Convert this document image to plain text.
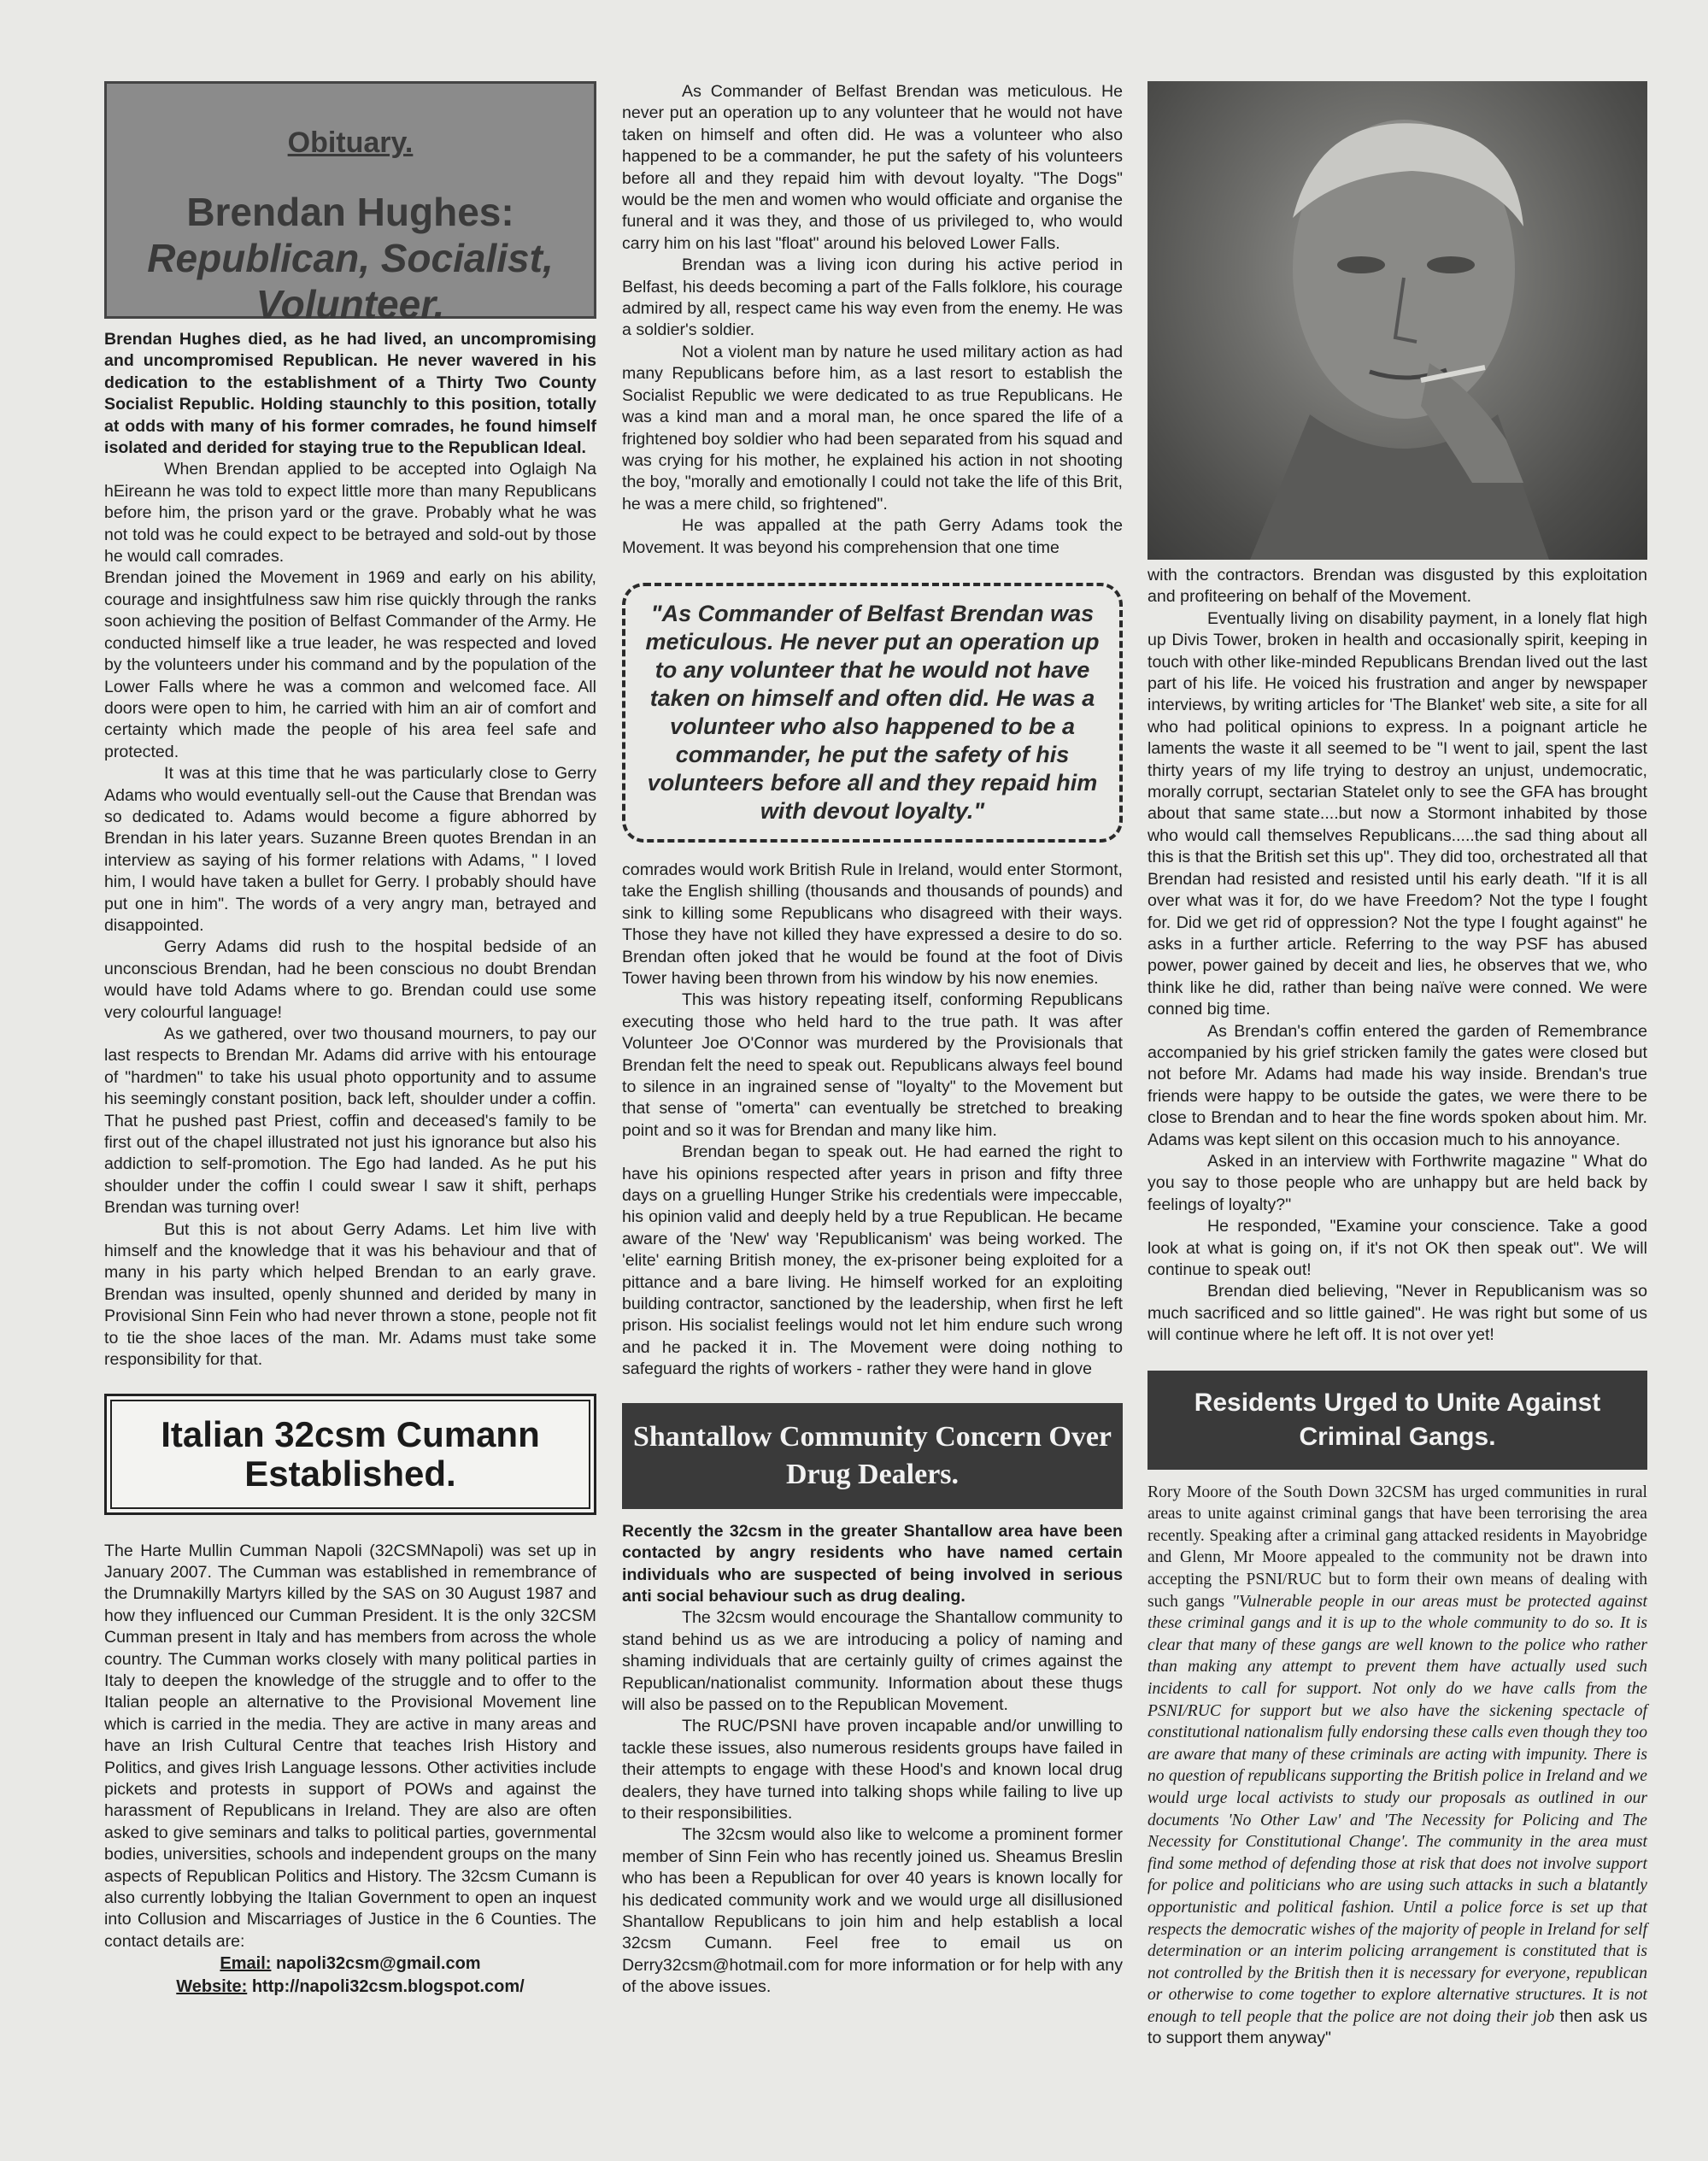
Obituary.
Brendan Hughes:
Republican, Socialist, Volunteer.

Brendan Hughes died, as he had lived, an uncompromising and uncompromised Republican. He never wavered in his dedication to the establishment of a Thirty Two County Socialist Republic. Holding staunchly to this position, totally at odds with many of his former comrades, he found himself isolated and derided for staying true to the Republican Ideal.

When Brendan applied to be accepted into Oglaigh Na hEireann he was told to expect little more than many Republicans before him, the prison yard or the grave. Probably what he was not told was he could expect to be betrayed and sold-out by those he would call comrades.

Brendan joined the Movement in 1969 and early on his ability, courage and insightfulness saw him rise quickly through the ranks soon achieving the position of Belfast Commander of the Army. He conducted himself like a true leader, he was respected and loved by the volunteers under his command and by the population of the Lower Falls where he was a common and welcomed face. All doors were open to him, he carried with him an air of comfort and certainty which made the people of his area feel safe and protected.

It was at this time that he was particularly close to Gerry Adams who would eventually sell-out the Cause that Brendan was so dedicated to. Adams would become a figure abhorred by Brendan in his later years. Suzanne Breen quotes Brendan in an interview as saying of his former relations with Adams, " I loved him, I would have taken a bullet for Gerry. I probably should have put one in him". The words of a very angry man, betrayed and disappointed.

Gerry Adams did rush to the hospital bedside of an unconscious Brendan, had he been conscious no doubt Brendan would have told Adams where to go. Brendan could use some very colourful language!

As we gathered, over two thousand mourners, to pay our last respects to Brendan Mr. Adams did arrive with his entourage of "hardmen" to take his usual photo opportunity and to assume his seemingly constant position, back left, shoulder under a coffin. That he pushed past Priest, coffin and deceased's family to be first out of the chapel illustrated not just his ignorance but also his addiction to self-promotion. The Ego had landed. As he put his shoulder under the coffin I could swear I saw it shift, perhaps Brendan was turning over!

But this is not about Gerry Adams. Let him live with himself and the knowledge that it was his behaviour and that of many in his party which helped Brendan to an early grave. Brendan was insulted, openly shunned and derided by many in Provisional Sinn Fein who had never thrown a stone, people not fit to tie the shoe laces of the man. Mr. Adams must take some responsibility for that.

Italian 32csm Cumann Established.

The Harte Mullin Cumman Napoli (32CSMNapoli) was set up in January 2007. The Cumman was established in remembrance of the Drumnakilly Martyrs killed by the SAS on 30 August 1987 and how they influenced our Cumman President. It is the only 32CSM Cumman present in Italy and has members from across the whole country. The Cumman works closely with many political parties in Italy to deepen the knowledge of the struggle and to offer to the Italian people an alternative to the Provisional Movement line which is carried in the media. They are active in many areas and have an Irish Cultural Centre that teaches Irish History and Politics, and gives Irish Language lessons. Other activities include pickets and protests in support of POWs and against the harassment of Republicans in Ireland. They are also are often asked to give seminars and talks to political parties, governmental bodies, universities, schools and independent groups on the many aspects of Republican Politics and History. The 32csm Cumann is also currently lobbying the Italian Government to open an inquest into Collusion and Miscarriages of Justice in the 6 Counties. The contact details are:

Email: napoli32csm@gmail.com
Website: http://napoli32csm.blogspot.com/

As Commander of Belfast Brendan was meticulous. He never put an operation up to any volunteer that he would not have taken on himself and often did. He was a volunteer who also happened to be a commander, he put the safety of his volunteers before all and they repaid him with devout loyalty. "The Dogs" would be the men and women who would officiate and organise the funeral and it was they, and those of us privileged to, who would carry him on his last "float" around his beloved Lower Falls.

Brendan was a living icon during his active period in Belfast, his deeds becoming a part of the Falls folklore, his courage admired by all, respect came his way even from the enemy. He was a soldier's soldier.

Not a violent man by nature he used military action as had many Republicans before him, as a last resort to establish the Socialist Republic we were dedicated to as true Republicans. He was a kind man and a moral man, he once spared the life of a frightened boy soldier who had been separated from his squad and was crying for his mother, he explained his action in not shooting the boy, "morally and emotionally I could not take the life of this Brit, he was a mere child, so frightened".

He was appalled at the path Gerry Adams took the Movement. It was beyond his comprehension that one time

"As Commander of Belfast Brendan was meticulous. He never put an operation up to any volunteer that he would not have taken on himself and often did. He was a volunteer who also happened to be a commander, he put the safety of his volunteers before all and they repaid him with devout loyalty."

comrades would work British Rule in Ireland, would enter Stormont, take the English shilling (thousands and thousands of pounds) and sink to killing some Republicans who disagreed with their ways. Those they have not killed they have expressed a desire to do so. Brendan often joked that he would be found at the foot of Divis Tower having been thrown from his window by his now enemies.

This was history repeating itself, conforming Republicans executing those who held hard to the true path. It was after Volunteer Joe O'Connor was murdered by the Provisionals that Brendan felt the need to speak out. Republicans always feel bound to silence in an ingrained sense of "loyalty" to the Movement but that sense of "omerta" can eventually be stretched to breaking point and so it was for Brendan and many like him.

Brendan began to speak out. He had earned the right to have his opinions respected after years in prison and fifty three days on a gruelling Hunger Strike his credentials were impeccable, his opinion valid and deeply held by a true Republican. He became aware of the 'New' way 'Republicanism' was being worked. The 'elite' earning British money, the ex-prisoner being exploited for a pittance and a bare living. He himself worked for an exploiting building contractor, sanctioned by the leadership, when first he left prison. His socialist feelings would not let him endure such wrong and he packed it in. The Movement were doing nothing to safeguard the rights of workers - rather they were hand in glove

Shantallow Community Concern Over Drug Dealers.

Recently the 32csm in the greater Shantallow area have been contacted by angry residents who have named certain individuals who are suspected of being involved in serious anti social behaviour such as drug dealing.

The 32csm would encourage the Shantallow community to stand behind us as we are introducing a policy of naming and shaming individuals that are certainly guilty of crimes against the Republican/nationalist community. Information about these thugs will also be passed on to the Republican Movement.

The RUC/PSNI have proven incapable and/or unwilling to tackle these issues, also numerous residents groups have failed in their attempts to engage with these Hood's and known local drug dealers, they have turned into talking shops while failing to live up to their responsibilities.

The 32csm would also like to welcome a prominent former member of Sinn Fein who has recently joined us. Sheamus Breslin who has been a Republican for over 40 years is known locally for his dedicated community work and we would urge all disillusioned Shantallow Republicans to join him and help establish a local 32csm Cumann. Feel free to email us on Derry32csm@hotmail.com for more information or for help with any of the above issues.

with the contractors. Brendan was disgusted by this exploitation and profiteering on behalf of the Movement.

Eventually living on disability payment, in a lonely flat high up Divis Tower, broken in health and occasionally spirit, keeping in touch with other like-minded Republicans Brendan lived out the last part of his life. He voiced his frustration and anger by newspaper interviews, by writing articles for 'The Blanket' web site, a site for all who had political opinions to express. In a poignant article he laments the waste it all seemed to be "I went to jail, spent the last thirty years of my life trying to destroy an unjust, undemocratic, morally corrupt, sectarian Statelet only to see the GFA has brought about that same state....but now a Stormont inhabited by those who would call themselves Republicans.....the sad thing about all this is that the British set this up". They did too, orchestrated all that Brendan had resisted and resisted until his early death. "If it is all over what was it for, do we have Freedom? Not the type I fought for. Did we get rid of oppression? Not the type I fought against" he asks in a further article. Referring to the way PSF has abused power, power gained by deceit and lies, he observes that we, who think like he did, rather than being naïve were conned. We were conned big time.

As Brendan's coffin entered the garden of Remembrance accompanied by his grief stricken family the gates were closed but not before Mr. Adams had made his way inside. Brendan's true friends were happy to be outside the gates, we were there to be close to Brendan and to hear the fine words spoken about him. Mr. Adams was kept silent on this occasion much to his annoyance.

Asked in an interview with Forthwrite magazine " What do you say to those people who are unhappy but are held back by feelings of loyalty?"

He responded, "Examine your conscience. Take a good look at what is going on, if it's not OK then speak out". We will continue to speak out!

Brendan died believing, "Never in Republicanism was so much sacrificed and so little gained". He was right but some of us will continue where he left off. It is not over yet!

Residents Urged to Unite Against Criminal Gangs.

Rory Moore of the South Down 32CSM has urged communities in rural areas to unite against criminal gangs that have been terrorising the area recently. Speaking after a criminal gang attacked residents in Mayobridge and Glenn, Mr Moore appealed to the community not be drawn into accepting the PSNI/RUC but to form their own means of dealing with such gangs "Vulnerable people in our areas must be protected against these criminal gangs and it is up to the whole community to do so. It is clear that many of these gangs are well known to the police who rather than making any attempt to prevent them have actually used such incidents to call for support. Not only do we have calls from the PSNI/RUC for support but we also have the sickening spectacle of constitutional nationalism fully endorsing these calls even though they too are aware that many of these criminals are acting with impunity. There is no question of republicans supporting the British police in Ireland and we would urge local activists to study our proposals as outlined in our documents 'No Other Law' and 'The Necessity for Policing and The Necessity for Constitutional Change'. The community in the area must find some method of defending those at risk that does not involve support for police and politicians who are using such attacks in such a blatantly opportunistic and political fashion. Until a police force is set up that respects the democratic wishes of the majority of people in Ireland for self determination or an interim policing arrangement is constituted that is not controlled by the British then it is necessary for everyone, republican or otherwise to come together to explore alternative structures. It is not enough to tell people that the police are not doing their job then ask us to support them anyway"
